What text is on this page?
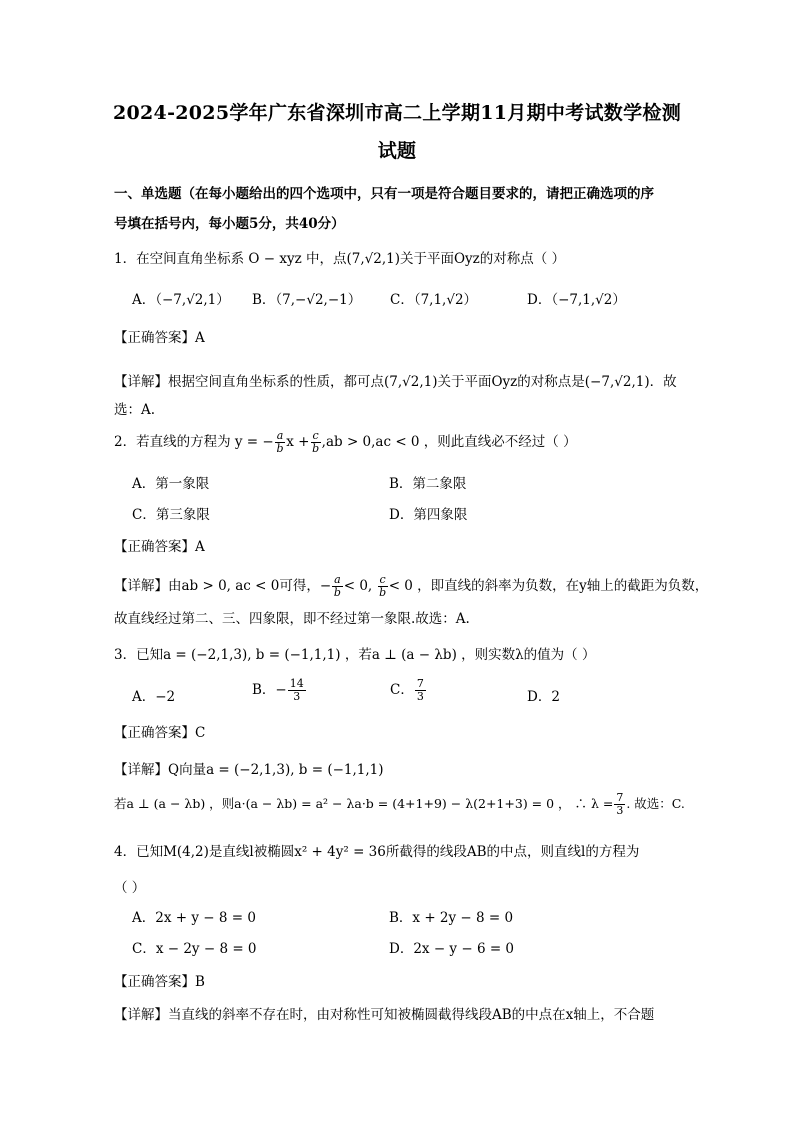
2024-2025学年广东省深圳市高二上学期11月期中考试数学检测
试题
一、单选题（在每小题给出的四个选项中，只有一项是符合题目要求的，请把正确选项的序
号填在括号内，每小题5分，共40分）
1．在空间直角坐标系 O − xyz 中，点(7,√2,1)关于平面Oyz的对称点（ ）
A．（−7,√2,1） B．（7,−√2,−1） C．（7,1,√2）	D．（−7,1,√2）
【正确答案】A
【详解】根据空间直角坐标系的性质，都可点(7,√2,1)关于平面Oyz的对称点是(−7,√2,1)．故
选：A.
2．若直线的方程为 y = − $\frac{a}{b}$ $x + \frac{c}{b} ,ab > 0,ac < 0$ ，则此直线必不经过（ ）
A．第一象限	B．第二象限
C．第三象限	D．第四象限
【正确答案】A
【详解】由ab > 0, ac < 0可得，− $\frac{a}{b} < 0$, $\frac{c}{b} < 0$ ，即直线的斜率为负数，在y轴上的截距为负数，
故直线经过第二、三、四象限，即不经过第一象限.故选：A.
3．已知a = (−2,1,3), b = (−1,1,1) ，若a ⊥ (a − λb) ，则实数λ的值为（ ）
A．−2	B．− $\frac{14}{3}$	C． $\frac{7}{3}$	D．2
【正确答案】C
【详解】Q向量a = (−2,1,3), b = (−1,1,1)
若a ⊥ (a − λb) ，则a·(a − λb) = a² − λa·b = (4+1+9) − λ(2+1+3) = 0 ， ∴ $\lambda = \frac{7}{3}$ . 故选：C.
4．已知M(4,2)是直线l被椭圆x² + 4y² = 36所截得的线段AB的中点，则直线l的方程为
（ ）
A．2x + y − 8 = 0	B．x + 2y − 8 = 0
C．x − 2y − 8 = 0	D．2x − y − 6 = 0
【正确答案】B
【详解】当直线的斜率不存在时，由对称性可知被椭圆截得线段AB的中点在x轴上，不合题
